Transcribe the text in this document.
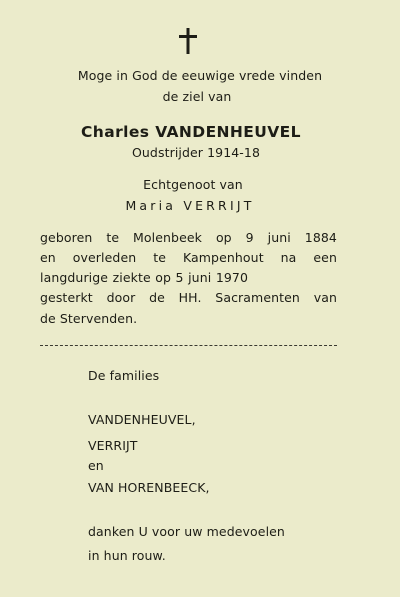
Moge in God de eeuwige vrede vinden
de ziel van
Charles VANDENHEUVEL
Oudstrijder 1914-18
Echtgenoot van
Maria VERRIJT
geboren te Molenbeek op 9 juni 1884
en overleden te Kampenhout na een
langdurige ziekte op 5 juni 1970
gesterkt door de HH. Sacramenten van
de Stervenden.
De families
VANDENHEUVEL,
VERRIJT
en
VAN HORENBEECK,
danken U voor uw medevoelen
in hun rouw.
